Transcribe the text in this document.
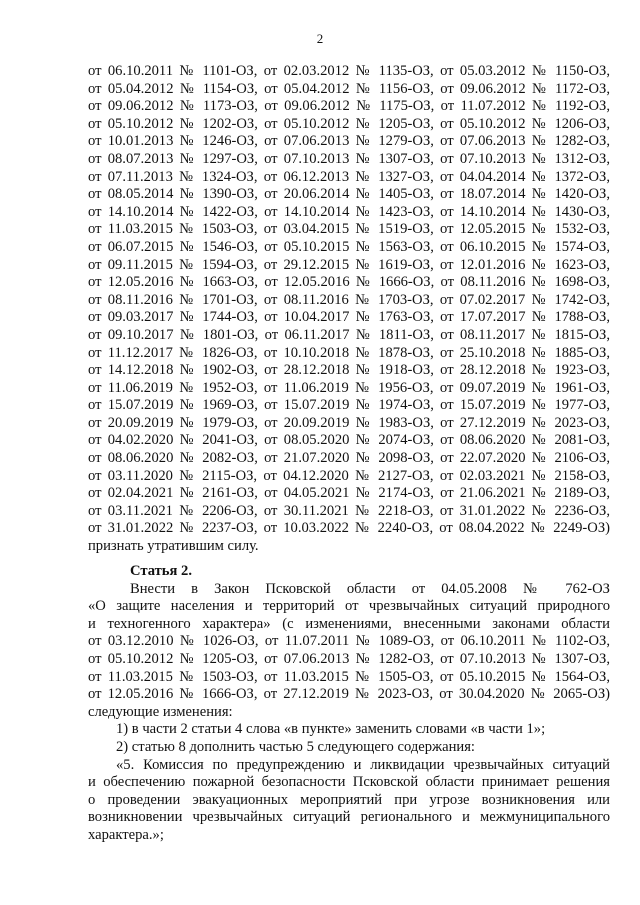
2
от 06.10.2011 № 1101-ОЗ, от 02.03.2012 № 1135-ОЗ, от 05.03.2012 № 1150-ОЗ,
от 05.04.2012 № 1154-ОЗ, от 05.04.2012 № 1156-ОЗ, от 09.06.2012 № 1172-ОЗ,
от 09.06.2012 № 1173-ОЗ, от 09.06.2012 № 1175-ОЗ, от 11.07.2012 № 1192-ОЗ,
от 05.10.2012 № 1202-ОЗ, от 05.10.2012 № 1205-ОЗ, от 05.10.2012 № 1206-ОЗ,
от 10.01.2013 № 1246-ОЗ, от 07.06.2013 № 1279-ОЗ, от 07.06.2013 № 1282-ОЗ,
от 08.07.2013 № 1297-ОЗ, от 07.10.2013 № 1307-ОЗ, от 07.10.2013 № 1312-ОЗ,
от 07.11.2013 № 1324-ОЗ, от 06.12.2013 № 1327-ОЗ, от 04.04.2014 № 1372-ОЗ,
от 08.05.2014 № 1390-ОЗ, от 20.06.2014 № 1405-ОЗ, от 18.07.2014 № 1420-ОЗ,
от 14.10.2014 № 1422-ОЗ, от 14.10.2014 № 1423-ОЗ, от 14.10.2014 № 1430-ОЗ,
от 11.03.2015 № 1503-ОЗ, от 03.04.2015 № 1519-ОЗ, от 12.05.2015 № 1532-ОЗ,
от 06.07.2015 № 1546-ОЗ, от 05.10.2015 № 1563-ОЗ, от 06.10.2015 № 1574-ОЗ,
от 09.11.2015 № 1594-ОЗ, от 29.12.2015 № 1619-ОЗ, от 12.01.2016 № 1623-ОЗ,
от 12.05.2016 № 1663-ОЗ, от 12.05.2016 № 1666-ОЗ, от 08.11.2016 № 1698-ОЗ,
от 08.11.2016 № 1701-ОЗ, от 08.11.2016 № 1703-ОЗ, от 07.02.2017 № 1742-ОЗ,
от 09.03.2017 № 1744-ОЗ, от 10.04.2017 № 1763-ОЗ, от 17.07.2017 № 1788-ОЗ,
от 09.10.2017 № 1801-ОЗ, от 06.11.2017 № 1811-ОЗ, от 08.11.2017 № 1815-ОЗ,
от 11.12.2017 № 1826-ОЗ, от 10.10.2018 № 1878-ОЗ, от 25.10.2018 № 1885-ОЗ,
от 14.12.2018 № 1902-ОЗ, от 28.12.2018 № 1918-ОЗ, от 28.12.2018 № 1923-ОЗ,
от 11.06.2019 № 1952-ОЗ, от 11.06.2019 № 1956-ОЗ, от 09.07.2019 № 1961-ОЗ,
от 15.07.2019 № 1969-ОЗ, от 15.07.2019 № 1974-ОЗ, от 15.07.2019 № 1977-ОЗ,
от 20.09.2019 № 1979-ОЗ, от 20.09.2019 № 1983-ОЗ, от 27.12.2019 № 2023-ОЗ,
от 04.02.2020 № 2041-ОЗ, от 08.05.2020 № 2074-ОЗ, от 08.06.2020 № 2081-ОЗ,
от 08.06.2020 № 2082-ОЗ, от 21.07.2020 № 2098-ОЗ, от 22.07.2020 № 2106-ОЗ,
от 03.11.2020 № 2115-ОЗ, от 04.12.2020 № 2127-ОЗ, от 02.03.2021 № 2158-ОЗ,
от 02.04.2021 № 2161-ОЗ, от 04.05.2021 № 2174-ОЗ, от 21.06.2021 № 2189-ОЗ,
от 03.11.2021 № 2206-ОЗ, от 30.11.2021 № 2218-ОЗ, от 31.01.2022 № 2236-ОЗ,
от 31.01.2022 № 2237-ОЗ, от 10.03.2022 № 2240-ОЗ, от 08.04.2022 № 2249-ОЗ)
признать утратившим силу.
Статья 2.
Внести в Закон Псковской области от 04.05.2008 № 762-ОЗ
«О защите населения и территорий от чрезвычайных ситуаций природного
и техногенного характера» (с изменениями, внесенными законами области
от 03.12.2010 № 1026-ОЗ, от 11.07.2011 № 1089-ОЗ, от 06.10.2011 № 1102-ОЗ,
от 05.10.2012 № 1205-ОЗ, от 07.06.2013 № 1282-ОЗ, от 07.10.2013 № 1307-ОЗ,
от 11.03.2015 № 1503-ОЗ, от 11.03.2015 № 1505-ОЗ, от 05.10.2015 № 1564-ОЗ,
от 12.05.2016 № 1666-ОЗ, от 27.12.2019 № 2023-ОЗ, от 30.04.2020 № 2065-ОЗ)
следующие изменения:
1) в части 2 статьи 4 слова «в пункте» заменить словами «в части 1»;
2) статью 8 дополнить частью 5 следующего содержания:
«5. Комиссия по предупреждению и ликвидации чрезвычайных ситуаций
и обеспечению пожарной безопасности Псковской области принимает решения
о проведении эвакуационных мероприятий при угрозе возникновения или
возникновении чрезвычайных ситуаций регионального и межмуниципального
характера.»;
